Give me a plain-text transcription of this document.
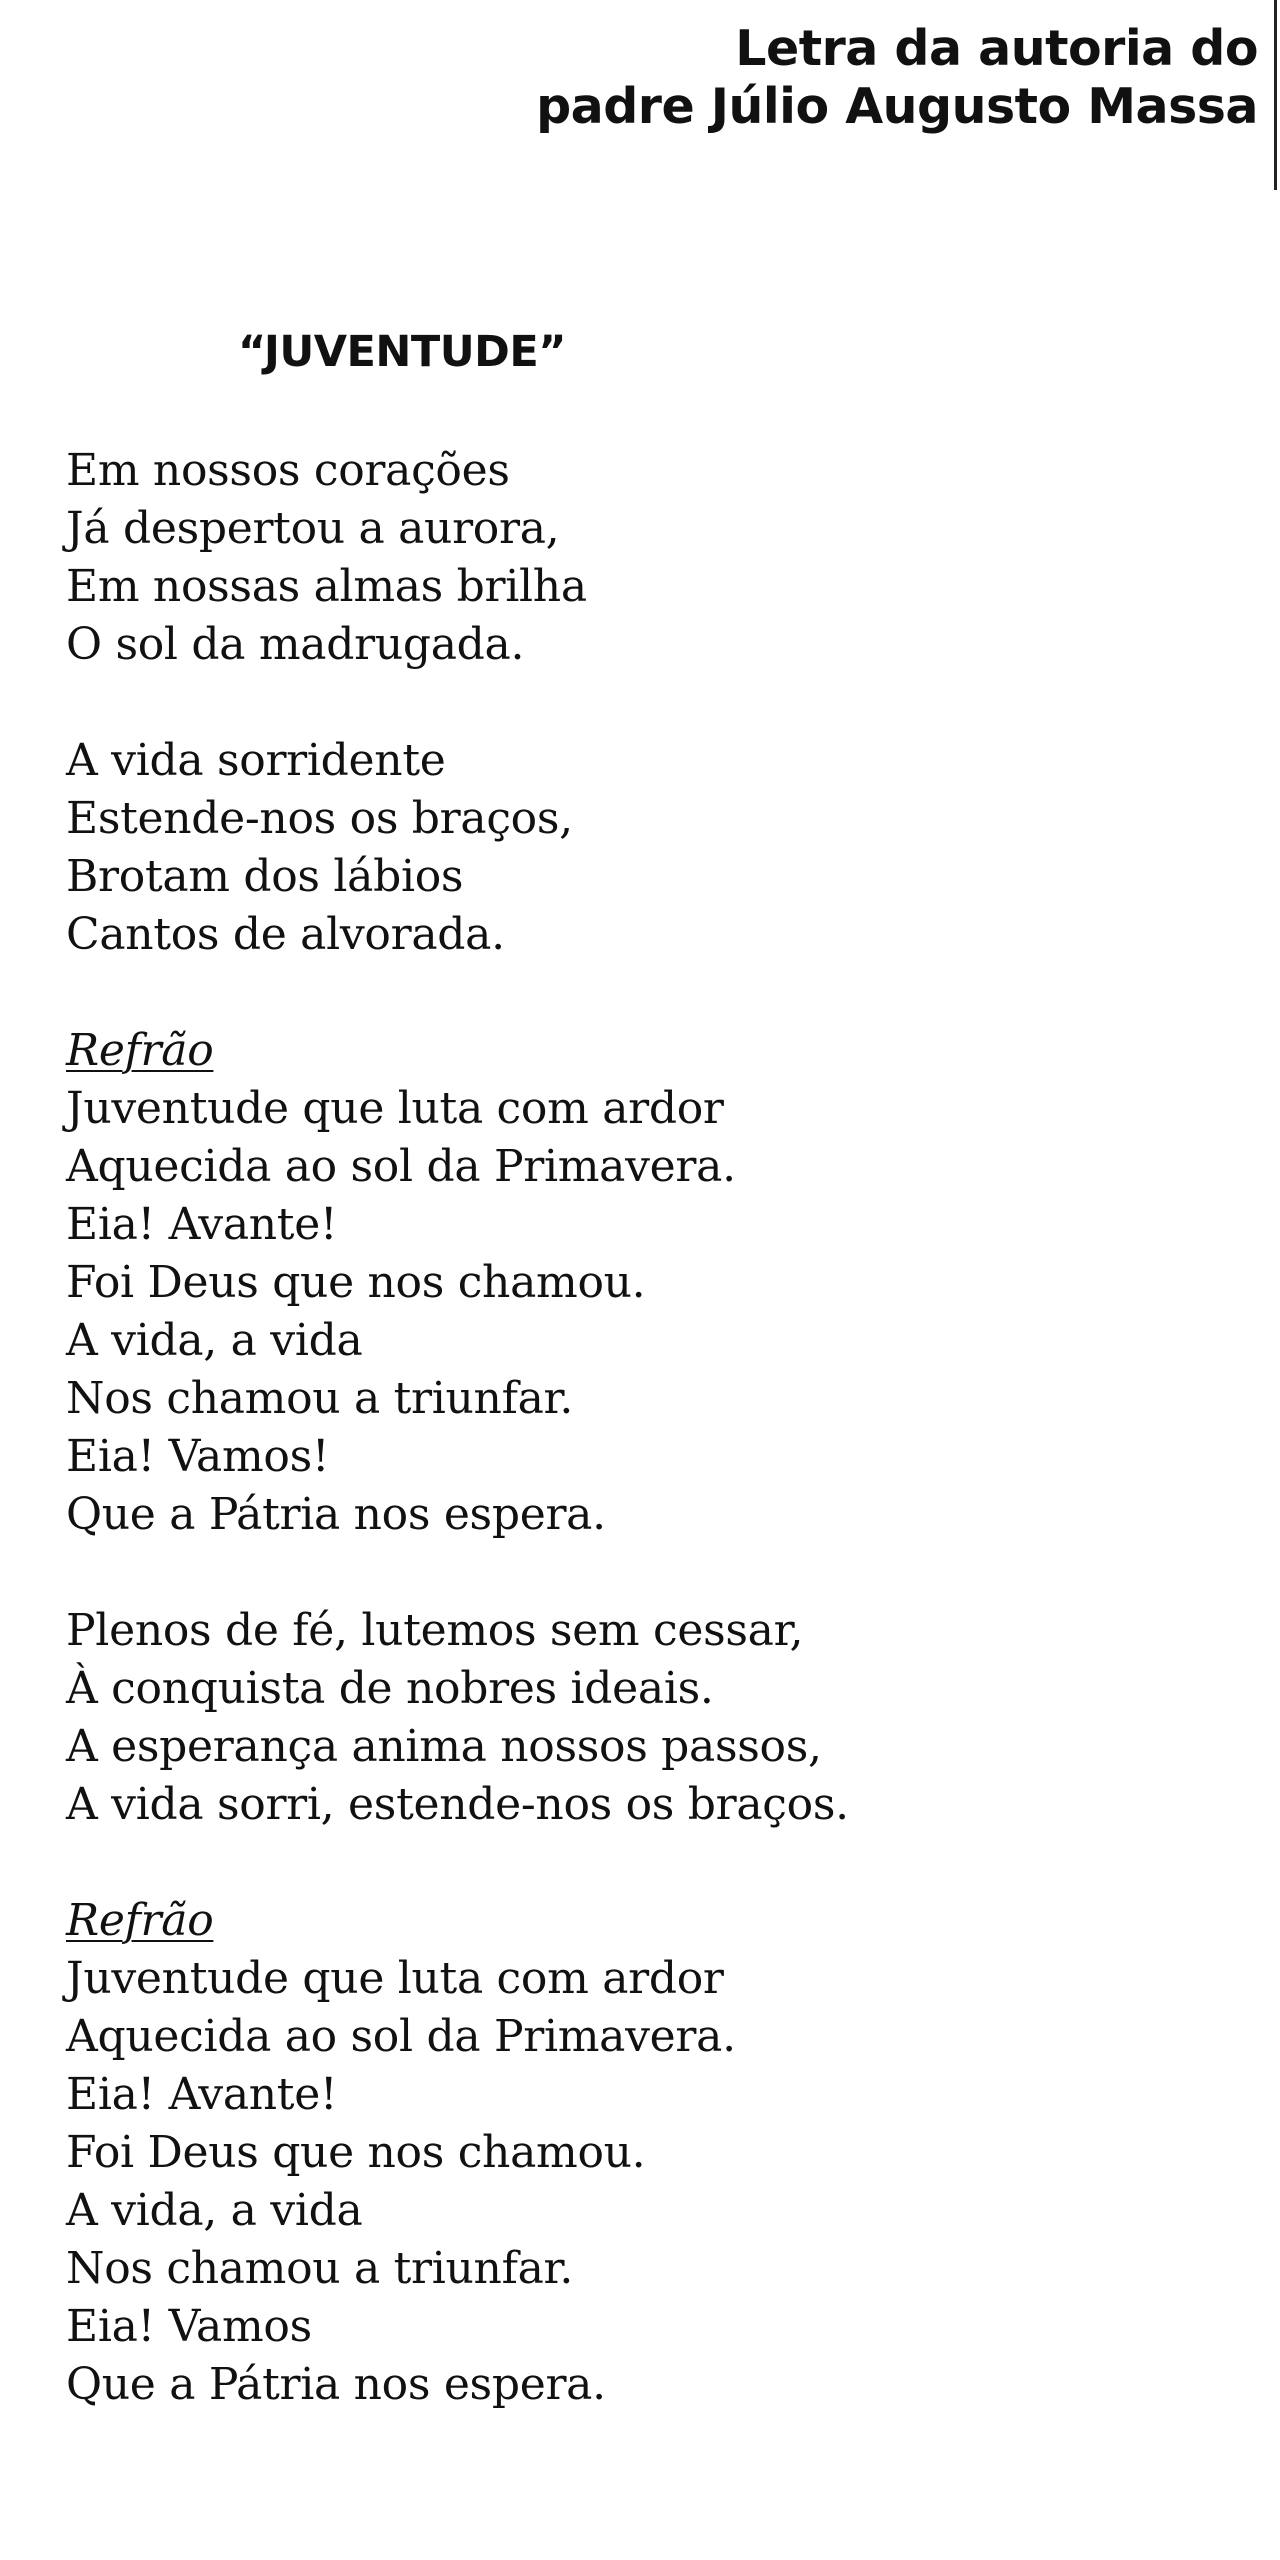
Letra da autoria do
padre Júlio Augusto Massa
“JUVENTUDE”
Em nossos corações
Já despertou a aurora,
Em nossas almas brilha
O sol da madrugada.
A vida sorridente
Estende-nos os braços,
Brotam dos lábios
Cantos de alvorada.
Refrão
Juventude que luta com ardor
Aquecida ao sol da Primavera.
Eia! Avante!
Foi Deus que nos chamou.
A vida, a vida
Nos chamou a triunfar.
Eia! Vamos!
Que a Pátria nos espera.
Plenos de fé, lutemos sem cessar,
À conquista de nobres ideais.
A esperança anima nossos passos,
A vida sorri, estende-nos os braços.
Refrão
Juventude que luta com ardor
Aquecida ao sol da Primavera.
Eia! Avante!
Foi Deus que nos chamou.
A vida, a vida
Nos chamou a triunfar.
Eia! Vamos
Que a Pátria nos espera.
